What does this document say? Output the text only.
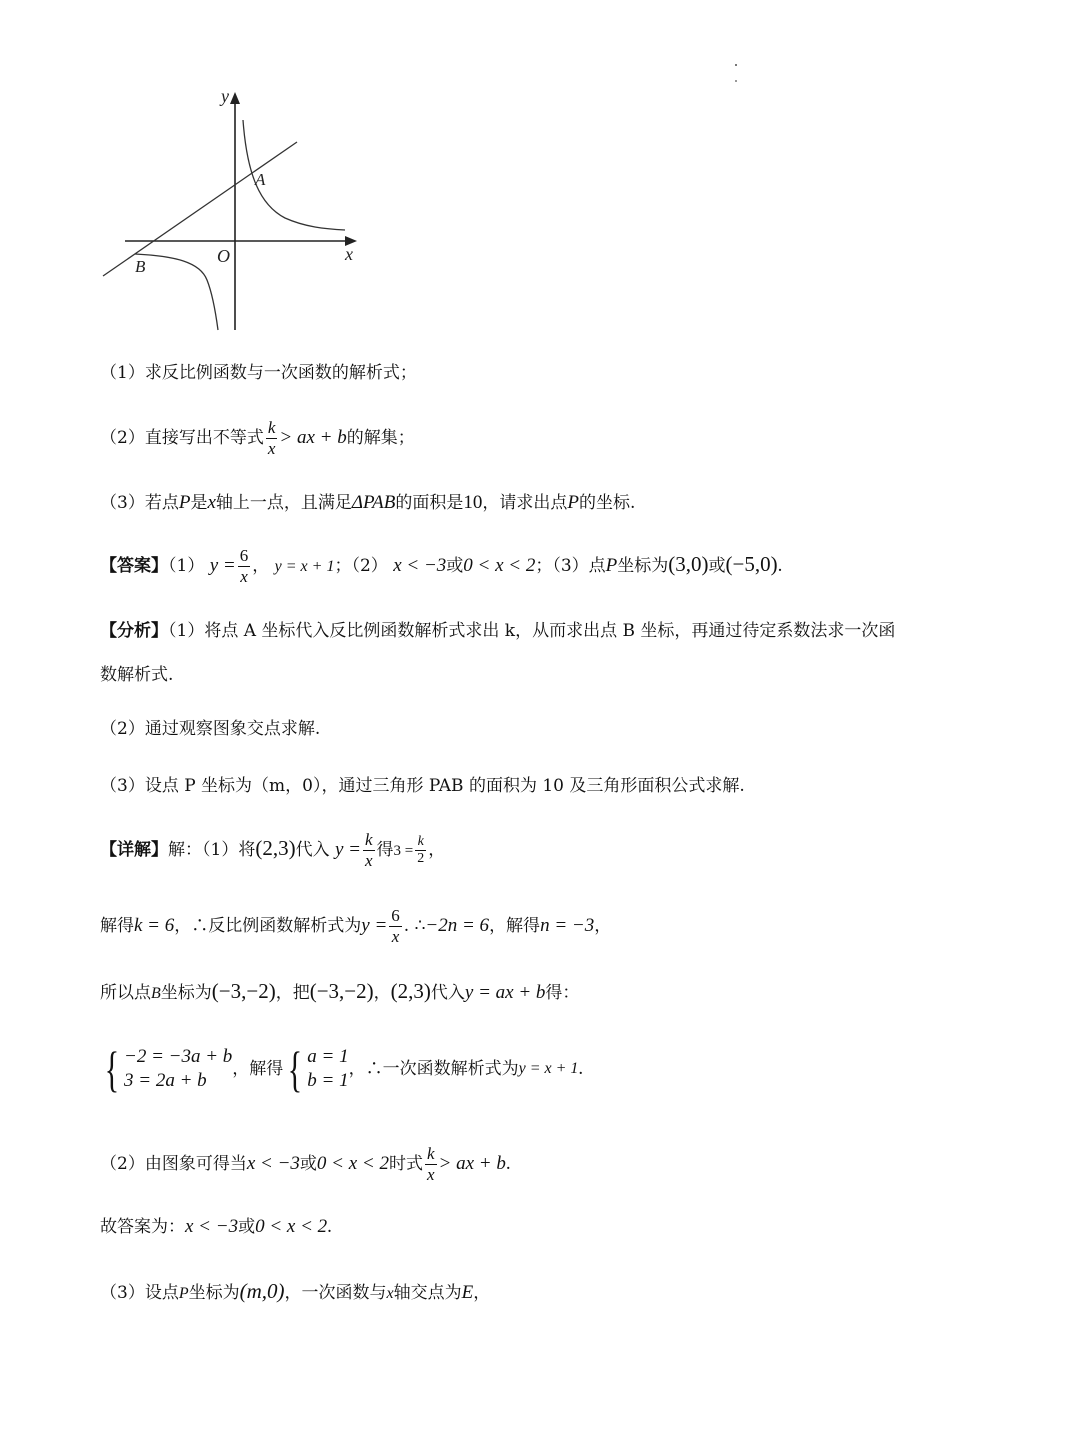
y
x
O
A
B
（1）求反比例函数与一次函数的解析式；
（2）直接写出不等式 $\frac{k}{x}$ > ax + b的解集；
（3）若点P是x轴上一点，且满足ΔPAB的面积是10，请求出点P的坐标.
【答案】（1） $y = \frac{6}{x}$ ， y = x + 1；（2） x < −3或0 < x < 2；（3）点P坐标为(3,0)或(−5,0).
【分析】（1）将点 A 坐标代入反比例函数解析式求出 k，从而求出点 B 坐标，再通过待定系数法求一次函
数解析式.
（2）通过观察图象交点求解.
（3）设点 P 坐标为（m，0），通过三角形 PAB 的面积为 10 及三角形面积公式求解.
【详解】解：（1）将(2,3)代入 $y = \frac{k}{x}$ 得$3 = \frac{k}{2}$ ，
解得k = 6，∴反比例函数解析式为$y = \frac{6}{x}$ . ∴−2n = 6，解得n = −3，
所以点B坐标为(−3,−2)，把(−3,−2)，(2,3)代入y = ax + b得：
{ −2 = −3a + b
3 = 2a + b
，解得{ a = 1
b = 1
，∴一次函数解析式为y = x + 1.
（2）由图象可得当x < −3或0 < x < 2时式 $\frac{k}{x}$ > ax + b.
故答案为：x < −3或0 < x < 2.
（3）设点P坐标为(m,0)，一次函数与x轴交点为E，
